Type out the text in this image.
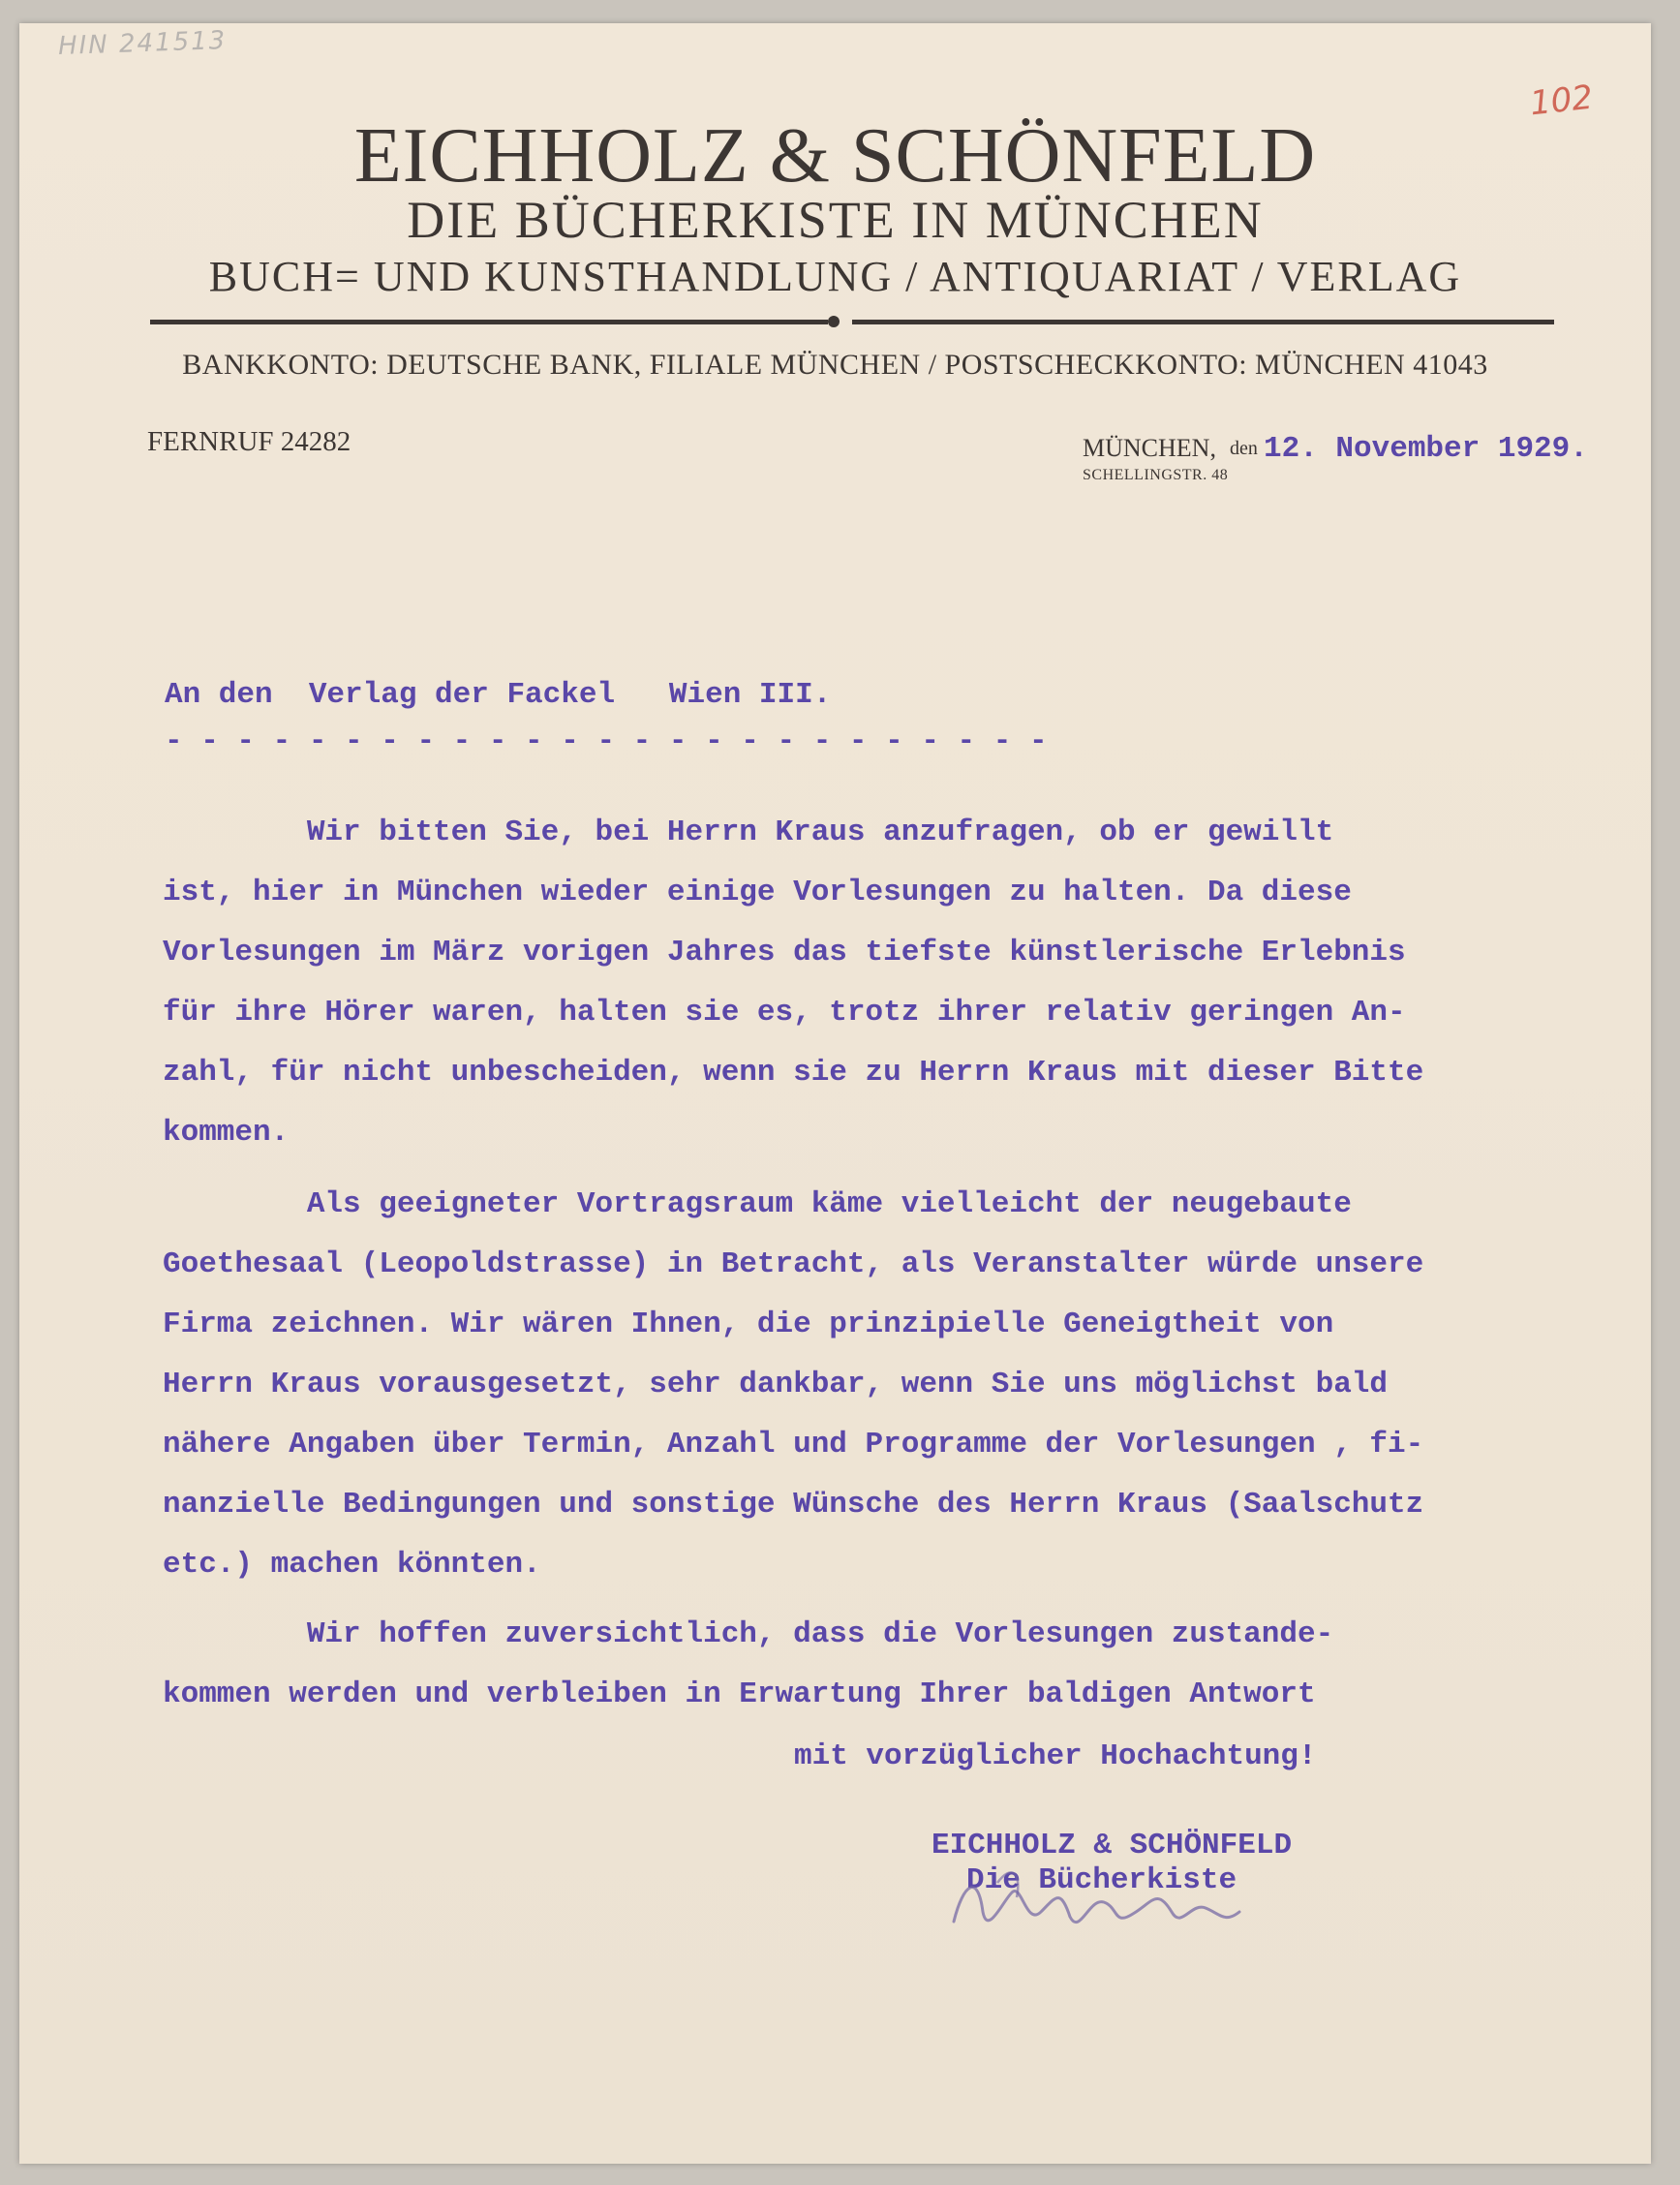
HIN 241513
102
EICHHOLZ & SCHÖNFELD
DIE BÜCHERKISTE IN MÜNCHEN
BUCH= UND KUNSTHANDLUNG / ANTIQUARIAT / VERLAG
BANKKONTO: DEUTSCHE BANK, FILIALE MÜNCHEN / POSTSCHECKKONTO: MÜNCHEN 41043
FERNRUF 24282	MÜNCHEN, den 12. November 1929.
SCHELLINGSTR. 48
An den  Verlag der Fackel   Wien III.
- - - - - - - - - - - - - - - - - - - - - - - - -
Wir bitten Sie, bei Herrn Kraus anzufragen, ob er gewillt
ist, hier in München wieder einige Vorlesungen zu halten. Da diese
Vorlesungen im März vorigen Jahres das tiefste künstlerische Erlebnis
für ihre Hörer waren, halten sie es, trotz ihrer relativ geringen An-
zahl, für nicht unbescheiden, wenn sie zu Herrn Kraus mit dieser Bitte
kommen.
Als geeigneter Vortragsraum käme vielleicht der neugebaute
Goethesaal (Leopoldstrasse) in Betracht, als Veranstalter würde unsere
Firma zeichnen. Wir wären Ihnen, die prinzipielle Geneigtheit von
Herrn Kraus vorausgesetzt, sehr dankbar, wenn Sie uns möglichst bald
nähere Angaben über Termin, Anzahl und Programme der Vorlesungen , fi-
nanzielle Bedingungen und sonstige Wünsche des Herrn Kraus (Saalschutz
etc.) machen könnten.
Wir hoffen zuversichtlich, dass die Vorlesungen zustande-
kommen werden und verbleiben in Erwartung Ihrer baldigen Antwort
mit vorzüglicher Hochachtung!
EICHHOLZ & SCHÖNFELD
Die Bücherkiste
